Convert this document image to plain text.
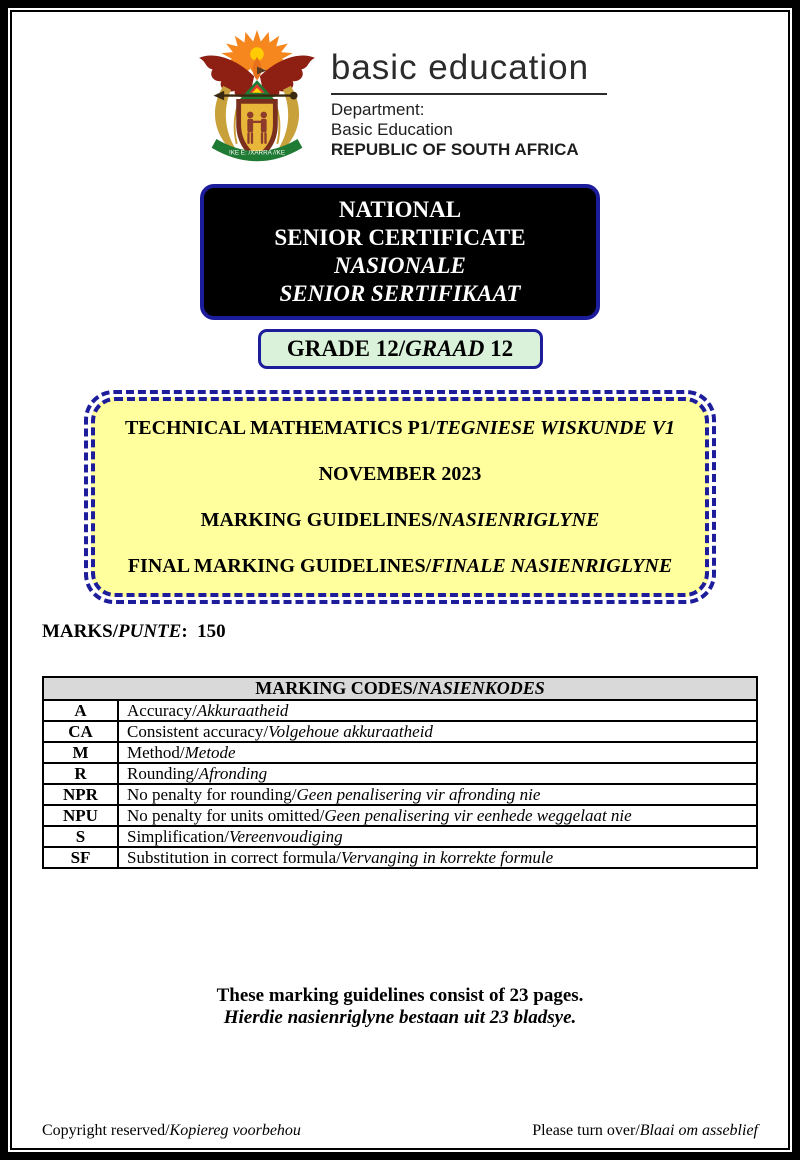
!KE E: /XARRA //KE
basic education
Department:
Basic Education
REPUBLIC OF SOUTH AFRICA

NATIONAL

SENIOR CERTIFICATE

NASIONALE

SENIOR SERTIFIKAAT

GRADE 12/GRAAD 12

TECHNICAL MATHEMATICS P1/TEGNIESE WISKUNDE V1

NOVEMBER 2023

MARKING GUIDELINES/NASIENRIGLYNE

FINAL MARKING GUIDELINES/FINALE NASIENRIGLYNE

MARKS/PUNTE: 150
MARKING CODES/NASIENKODES	
A	Accuracy/Akkuraatheid
CA	Consistent accuracy/Volgehoue akkuraatheid
M	Method/Metode
R	Rounding/Afronding
NPR	No penalty for rounding/Geen penalisering vir afronding nie
NPU	No penalty for units omitted/Geen penalisering vir eenhede weggelaat nie
S	Simplification/Vereenvoudiging
SF	Substitution in correct formula/Vervanging in korrekte formule
These marking guidelines consist of 23 pages.
Hierdie nasienriglyne bestaan uit 23 bladsye.
Copyright reserved/Kopiereg voorbehou	Please turn over/Blaai om asseblief
